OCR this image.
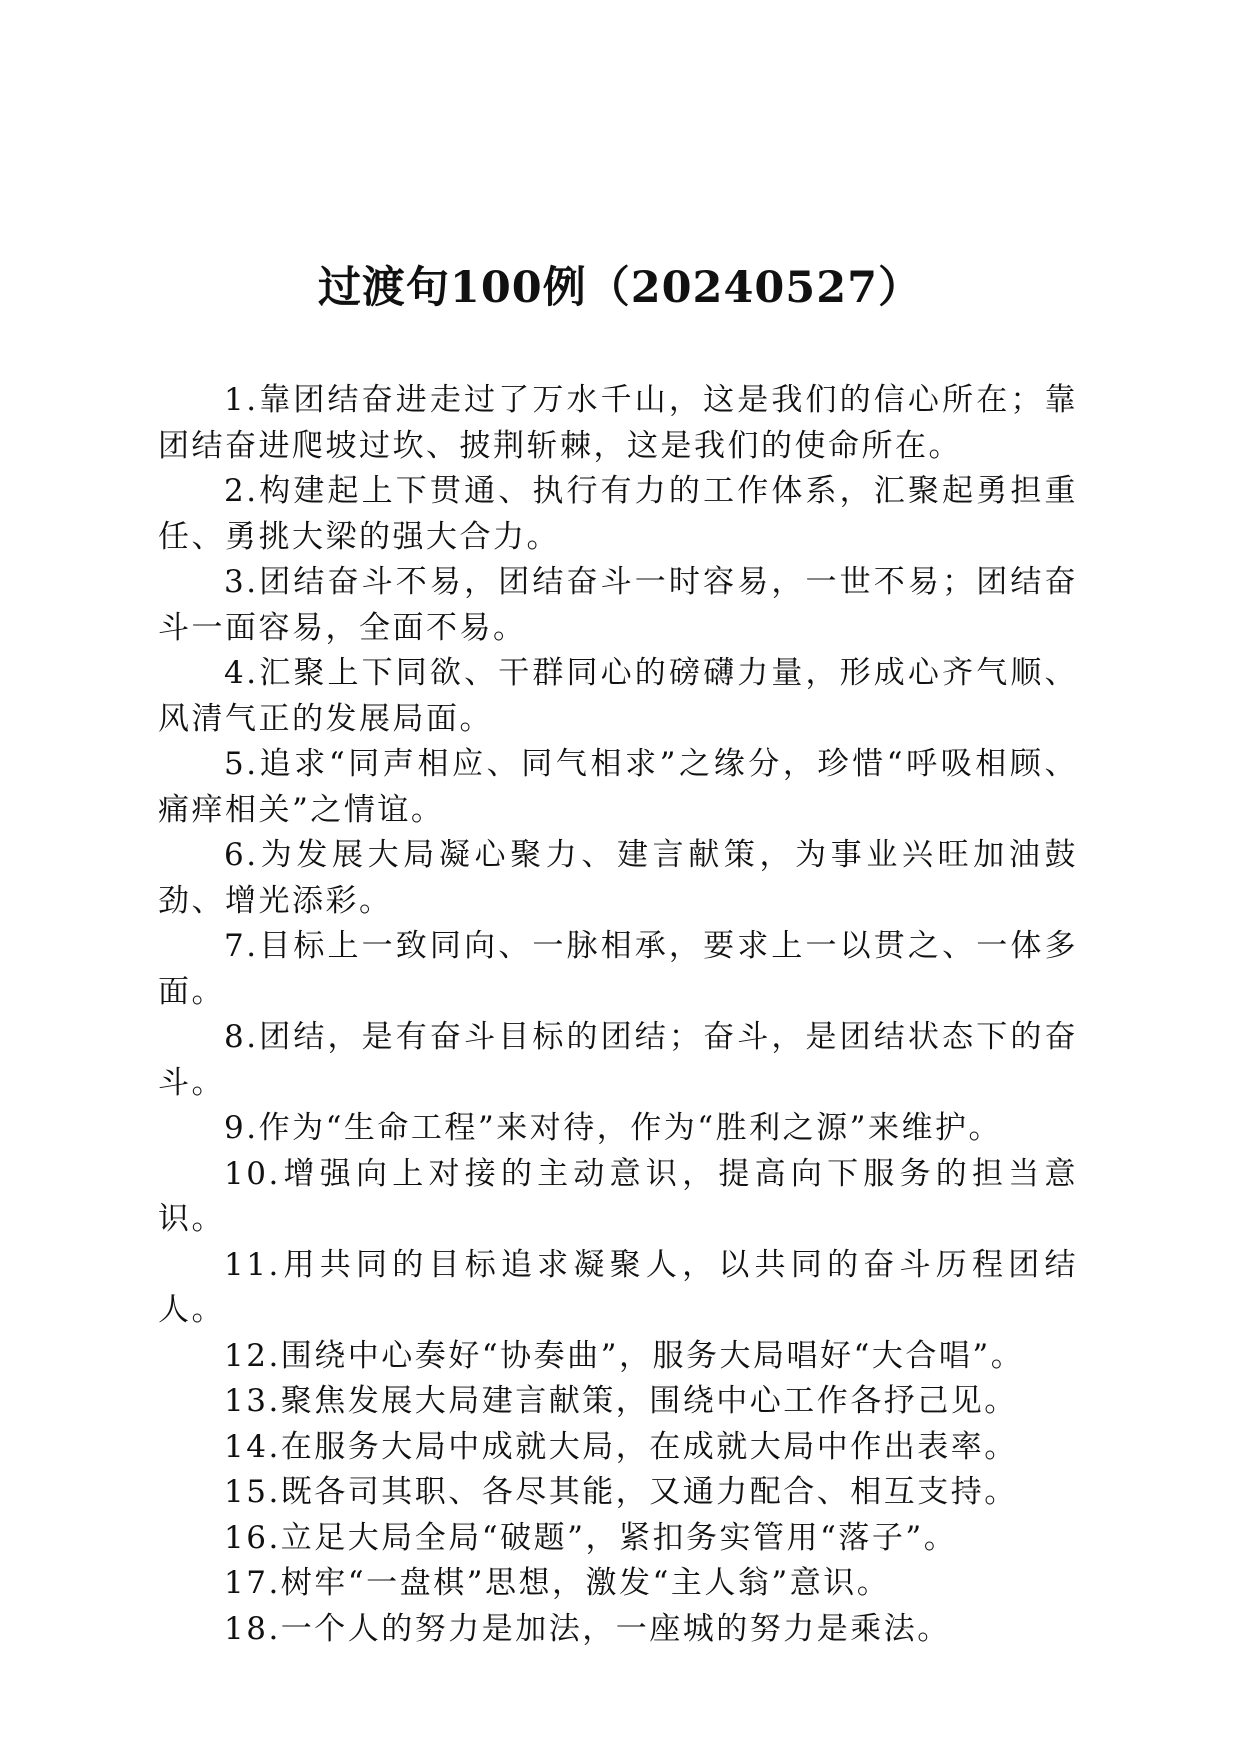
过渡句100例（20240527）

1.靠团结奋进走过了万水千山，这是我们的信心所在；靠团结奋进爬坡过坎、披荆斩棘，这是我们的使命所在。

2.构建起上下贯通、执行有力的工作体系，汇聚起勇担重任、勇挑大梁的强大合力。

3.团结奋斗不易，团结奋斗一时容易，一世不易；团结奋斗一面容易，全面不易。

4.汇聚上下同欲、干群同心的磅礴力量，形成心齐气顺、风清气正的发展局面。

5.追求“同声相应、同气相求”之缘分，珍惜“呼吸相顾、痛痒相关”之情谊。

6.为发展大局凝心聚力、建言献策，为事业兴旺加油鼓劲、增光添彩。

7.目标上一致同向、一脉相承，要求上一以贯之、一体多面。

8.团结，是有奋斗目标的团结；奋斗，是团结状态下的奋斗。

9.作为“生命工程”来对待，作为“胜利之源”来维护。

10.增强向上对接的主动意识，提高向下服务的担当意识。

11.用共同的目标追求凝聚人，以共同的奋斗历程团结人。

12.围绕中心奏好“协奏曲”，服务大局唱好“大合唱”。

13.聚焦发展大局建言献策，围绕中心工作各抒己见。

14.在服务大局中成就大局，在成就大局中作出表率。

15.既各司其职、各尽其能，又通力配合、相互支持。

16.立足大局全局“破题”，紧扣务实管用“落子”。

17.树牢“一盘棋”思想，激发“主人翁”意识。

18.一个人的努力是加法，一座城的努力是乘法。
